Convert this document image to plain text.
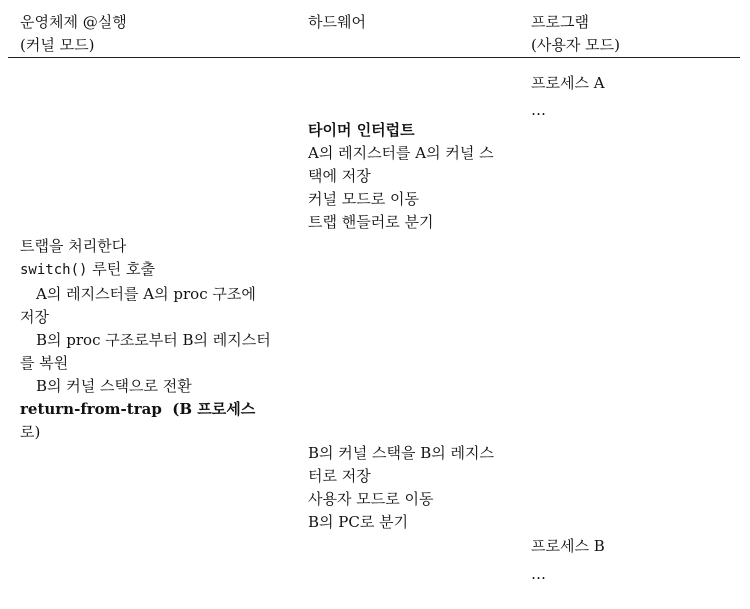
운영체제 @실행
(커널 모드)
하드웨어	프로그램
(사용자 모드)
프로세스 A
…
프로세스 B
…
타이머 인터럽트
A의 레지스터를 A의 커널 스
택에 저장
커널 모드로 이동
트랩 핸들러로 분기
트랩을 처리한다
switch() 루틴 호출
A의 레지스터를 A의 proc 구조에
저장
B의 proc 구조로부터 B의 레지스터
를 복원
B의 커널 스택으로 전환
return-from-trap (B 프로세스
로)
B의 커널 스택을 B의 레지스
터로 저장
사용자 모드로 이동
B의 PC로 분기
